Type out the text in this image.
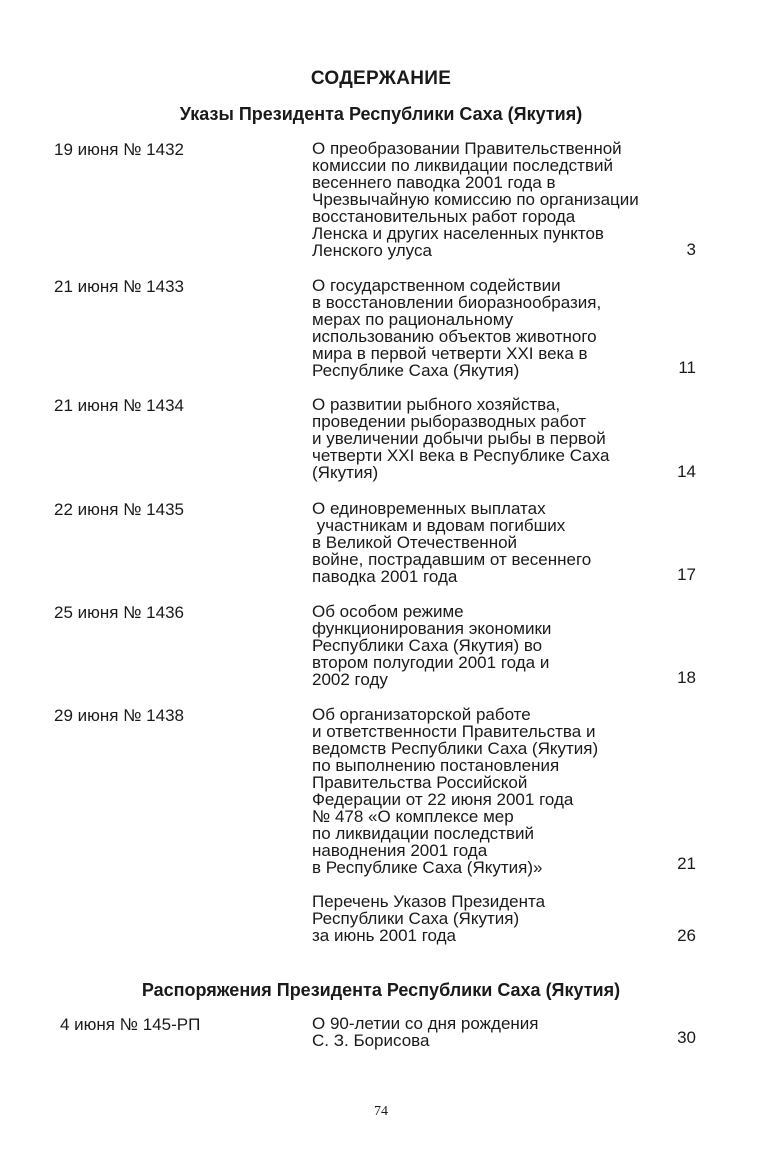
СОДЕРЖАНИЕ
Указы Президента Республики Саха (Якутия)
19 июня № 1432	О преобразовании Правительственной
комиссии по ликвидации последствий
весеннего паводка 2001 года в
Чрезвычайную комиссию по организации
восстановительных работ города
Ленска и других населенных пунктов
Ленского улуса	3
21 июня № 1433	О государственном содействии
в восстановлении биоразнообразия,
мерах по рациональному
использованию объектов животного
мира в первой четверти XXI века в
Республике Саха (Якутия)	11
21 июня № 1434	О развитии рыбного хозяйства,
проведении рыборазводных работ
и увеличении добычи рыбы в первой
четверти XXI века в Республике Саха
(Якутия)	14
22 июня № 1435	О единовременных выплатах
участникам и вдовам погибших
в Великой Отечественной
войне, пострадавшим от весеннего
паводка 2001 года	17
25 июня № 1436	Об особом режиме
функционирования экономики
Республики Саха (Якутия) во
втором полугодии 2001 года и
2002 году	18
29 июня № 1438	Об организаторской работе
и ответственности Правительства и
ведомств Республики Саха (Якутия)
по выполнению постановления
Правительства Российской
Федерации от 22 июня 2001 года
№ 478 «О комплексе мер
по ликвидации последствий
наводнения 2001 года
в Республике Саха (Якутия)»	21
Перечень Указов Президента
Республики Саха (Якутия)
за июнь 2001 года	26
Распоряжения Президента Республики Саха (Якутия)
4 июня № 145-РП	О 90-летии со дня рождения
С. З. Борисова	30
74
